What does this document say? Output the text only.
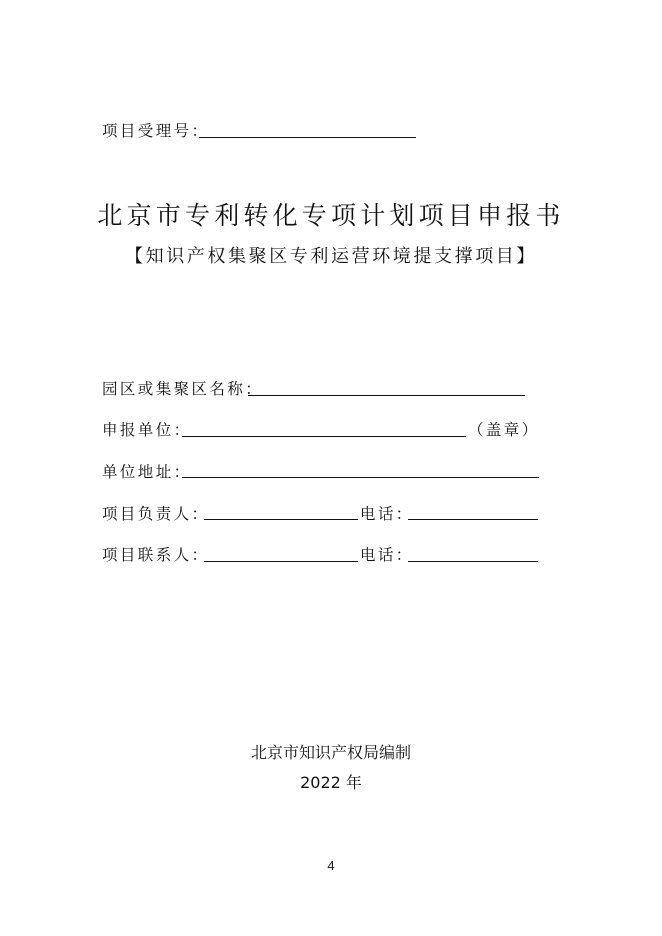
项目受理号：
北京市专利转化专项计划项目申报书
【知识产权集聚区专利运营环境提支撑项目】
园区或集聚区名称：
申报单位：	（盖章）
单位地址：
项目负责人：	电话：
项目联系人：	电话：
北京市知识产权局编制
2022 年
4
